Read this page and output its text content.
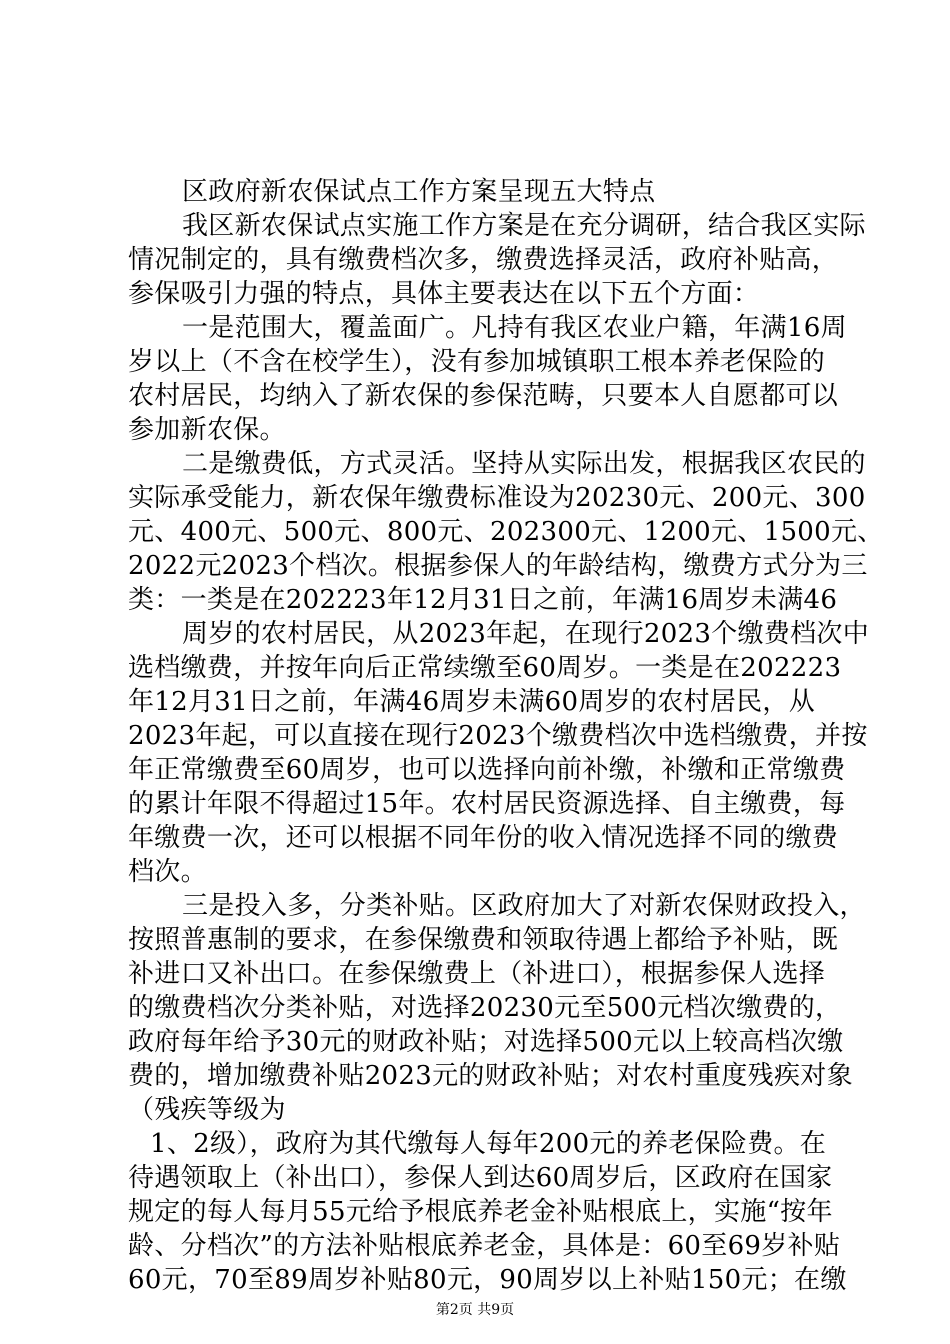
区政府新农保试点工作方案呈现五大特点
我区新农保试点实施工作方案是在充分调研，结合我区实际
情况制定的，具有缴费档次多，缴费选择灵活，政府补贴高，
参保吸引力强的特点，具体主要表达在以下五个方面：
一是范围大，覆盖面广。凡持有我区农业户籍，年满16周
岁以上（不含在校学生），没有参加城镇职工根本养老保险的
农村居民，均纳入了新农保的参保范畴，只要本人自愿都可以
参加新农保。
二是缴费低，方式灵活。坚持从实际出发，根据我区农民的
实际承受能力，新农保年缴费标准设为20230元、200元、300
元、400元、500元、800元、202300元、1200元、1500元、
2022元2023个档次。根据参保人的年龄结构，缴费方式分为三
类：一类是在202223年12月31日之前，年满16周岁未满46
周岁的农村居民，从2023年起，在现行2023个缴费档次中
选档缴费，并按年向后正常续缴至60周岁。一类是在202223
年12月31日之前，年满46周岁未满60周岁的农村居民，从
2023年起，可以直接在现行2023个缴费档次中选档缴费，并按
年正常缴费至60周岁，也可以选择向前补缴，补缴和正常缴费
的累计年限不得超过15年。农村居民资源选择、自主缴费，每
年缴费一次，还可以根据不同年份的收入情况选择不同的缴费
档次。
三是投入多，分类补贴。区政府加大了对新农保财政投入，
按照普惠制的要求，在参保缴费和领取待遇上都给予补贴，既
补进口又补出口。在参保缴费上（补进口），根据参保人选择
的缴费档次分类补贴，对选择20230元至500元档次缴费的，
政府每年给予30元的财政补贴；对选择500元以上较高档次缴
费的，增加缴费补贴2023元的财政补贴；对农村重度残疾对象
（残疾等级为
1、2级），政府为其代缴每人每年200元的养老保险费。在
待遇领取上（补出口），参保人到达60周岁后，区政府在国家
规定的每人每月55元给予根底养老金补贴根底上，实施“按年
龄、分档次”的方法补贴根底养老金，具体是：60至69岁补贴
60元，70至89周岁补贴80元，90周岁以上补贴150元；在缴
第2页 共9页
